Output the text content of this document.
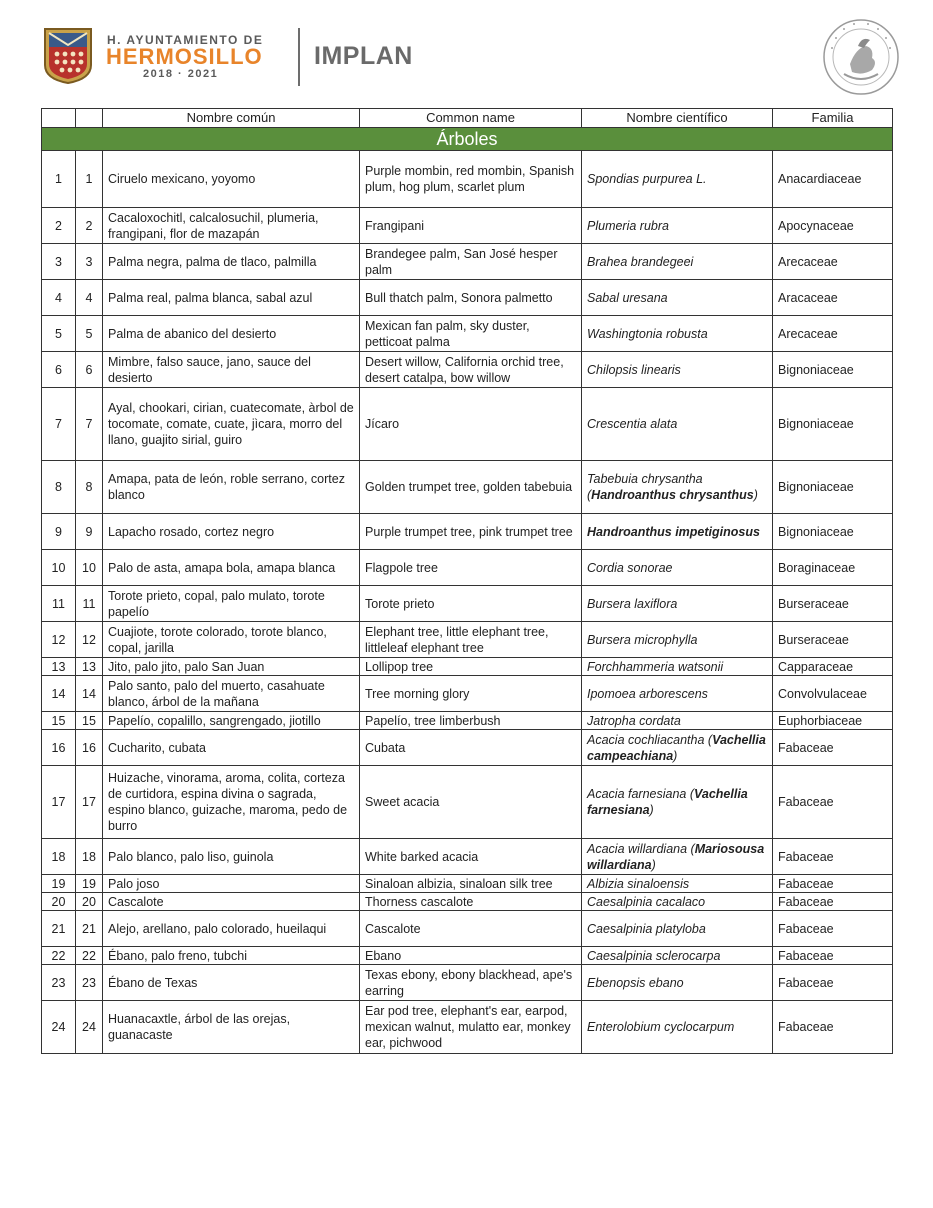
H. AYUNTAMIENTO DE
HERMOSILLO
2018 · 2021
IMPLAN
		Nombre común	Common name	Nombre científico	Familia
Árboles					
1	1	Ciruelo mexicano, yoyomo	Purple mombin, red mombin, Spanish plum, hog plum, scarlet plum	Spondias purpurea L.	Anacardiaceae
2	2	Cacaloxochitl, calcalosuchil, plumeria, frangipani, flor de mazapán	Frangipani	Plumeria rubra	Apocynaceae
3	3	Palma negra, palma de tlaco, palmilla	Brandegee palm, San José hesper palm	Brahea brandegeei	Arecaceae
4	4	Palma real, palma blanca, sabal azul	Bull thatch palm, Sonora palmetto	Sabal uresana	Aracaceae
5	5	Palma de abanico del desierto	Mexican fan palm, sky duster, petticoat palma	Washingtonia robusta	Arecaceae
6	6	Mimbre, falso sauce, jano, sauce del desierto	Desert willow, California orchid tree, desert catalpa, bow willow	Chilopsis linearis	Bignoniaceae
7	7	Ayal, chookari, cirian, cuatecomate, àrbol de tocomate, comate, cuate, jìcara, morro del llano, guajito sirial, guiro	Jícaro	Crescentia alata	Bignoniaceae
8	8	Amapa, pata de león, roble serrano, cortez blanco	Golden trumpet tree, golden tabebuia	Tabebuia chrysantha (Handroanthus chrysanthus)	Bignoniaceae
9	9	Lapacho rosado, cortez negro	Purple trumpet tree, pink trumpet tree	Handroanthus impetiginosus	Bignoniaceae
10	10	Palo de asta, amapa bola, amapa blanca	Flagpole tree	Cordia sonorae	Boraginaceae
11	11	Torote prieto, copal, palo mulato, torote papelío	Torote prieto	Bursera laxiflora	Burseraceae
12	12	Cuajiote, torote colorado, torote blanco, copal, jarilla	Elephant tree, little elephant tree, littleleaf elephant tree	Bursera microphylla	Burseraceae
13	13	Jito, palo jito, palo San Juan	Lollipop tree	Forchhammeria watsonii	Capparaceae
14	14	Palo santo, palo del muerto, casahuate blanco, árbol de la mañana	Tree morning glory	Ipomoea arborescens	Convolvulaceae
15	15	Papelío, copalillo, sangrengado, jiotillo	Papelío, tree limberbush	Jatropha cordata	Euphorbiaceae
16	16	Cucharito, cubata	Cubata	Acacia cochliacantha (Vachellia campeachiana)	Fabaceae
17	17	Huizache, vinorama, aroma, colita, corteza de curtidora, espina divina o sagrada, espino blanco, guizache, maroma, pedo de burro	Sweet acacia	Acacia farnesiana (Vachellia farnesiana)	Fabaceae
18	18	Palo blanco, palo liso, guinola	White barked acacia	Acacia willardiana (Mariosousa willardiana)	Fabaceae
19	19	Palo joso	Sinaloan albizia, sinaloan silk tree	Albizia sinaloensis	Fabaceae
20	20	Cascalote	Thorness cascalote	Caesalpinia cacalaco	Fabaceae
21	21	Alejo, arellano, palo colorado, hueilaqui	Cascalote	Caesalpinia platyloba	Fabaceae
22	22	Ébano, palo freno, tubchi	Ebano	Caesalpinia sclerocarpa	Fabaceae
23	23	Ébano de Texas	Texas ebony, ebony blackhead, ape's earring	Ebenopsis ebano	Fabaceae
24	24	Huanacaxtle, árbol de las orejas, guanacaste	Ear pod tree, elephant's ear, earpod, mexican walnut, mulatto ear, monkey ear, pichwood	Enterolobium cyclocarpum	Fabaceae
